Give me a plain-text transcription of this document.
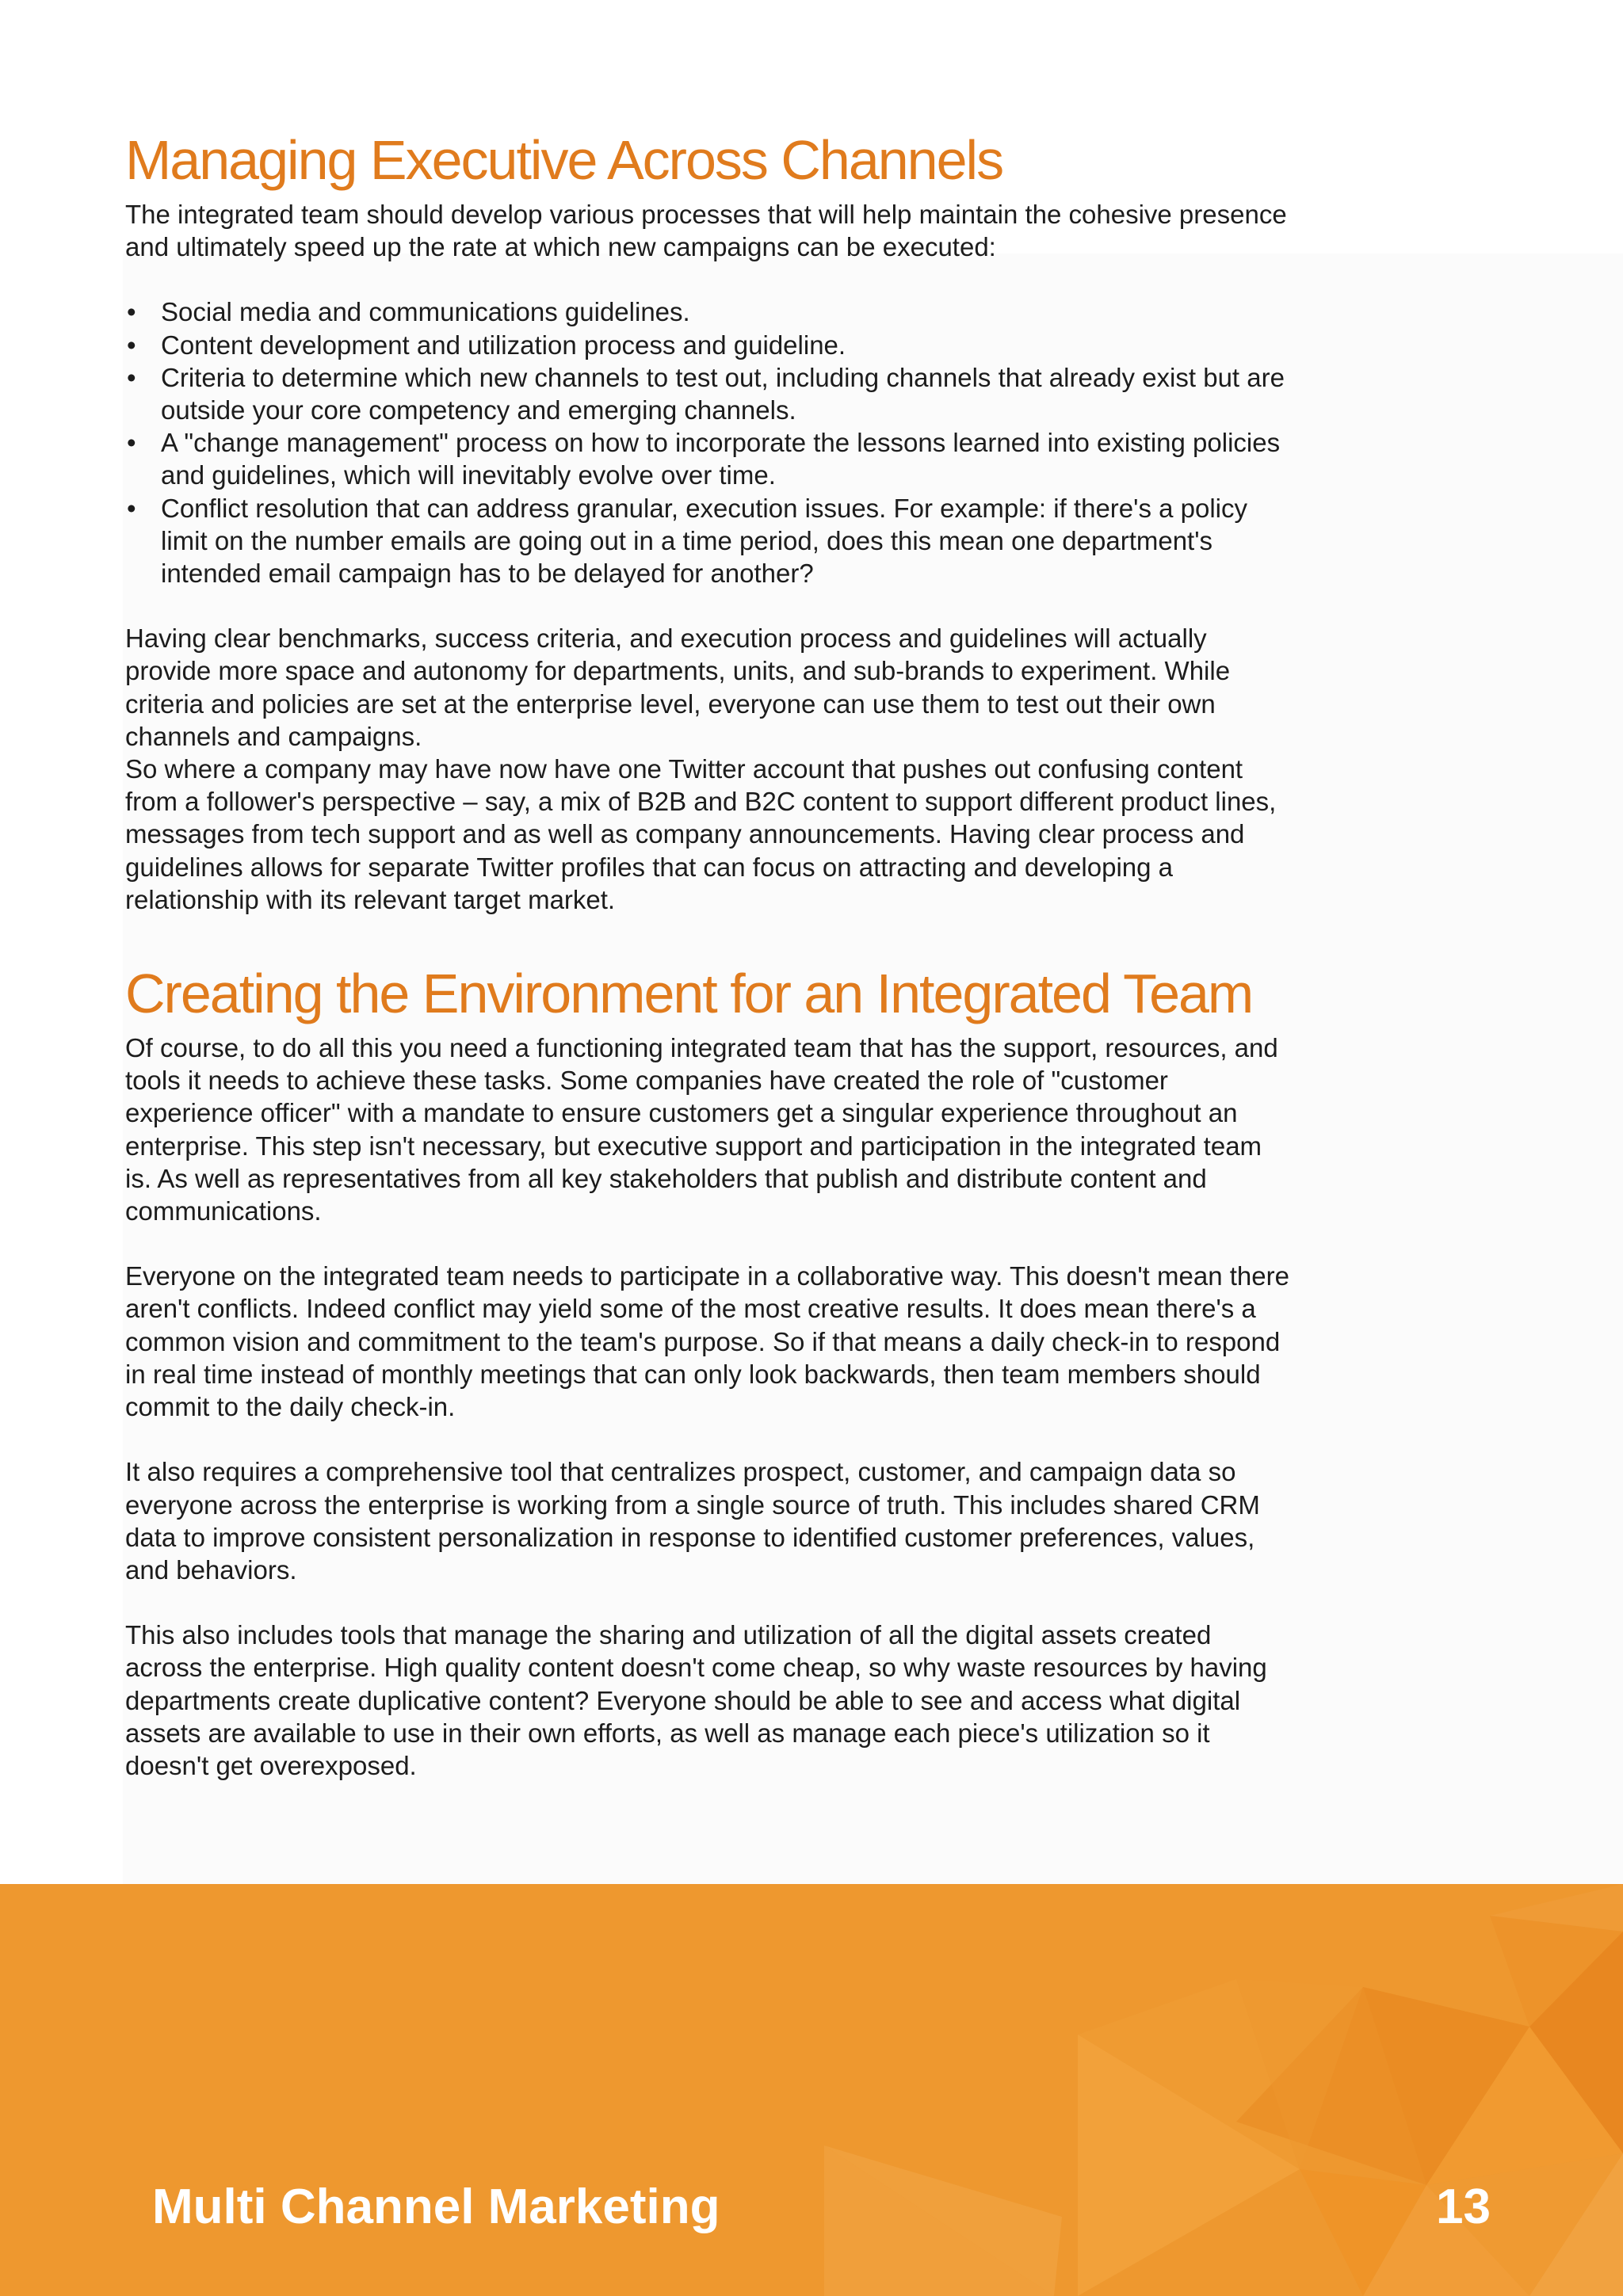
Managing Executive Across Channels

The integrated team should develop various processes that will help maintain the cohesive presence and ultimately speed up the rate at which new campaigns can be executed:

• Social media and communications guidelines.
• Content development and utilization process and guideline.
• Criteria to determine which new channels to test out, including channels that already exist but are outside your core competency and emerging channels.
• A "change management" process on how to incorporate the lessons learned into existing policies and guidelines, which will inevitably evolve over time.
• Conflict resolution that can address granular, execution issues. For example: if there's a policy limit on the number emails are going out in a time period, does this mean one department's intended email campaign has to be delayed for another?

Having clear benchmarks, success criteria, and execution process and guidelines will actually provide more space and autonomy for departments, units, and sub-brands to experiment. While criteria and policies are set at the enterprise level, everyone can use them to test out their own channels and campaigns.

So where a company may have now have one Twitter account that pushes out confusing content from a follower's perspective – say, a mix of B2B and B2C content to support different product lines, messages from tech support and as well as company announcements. Having clear process and guidelines allows for separate Twitter profiles that can focus on attracting and developing a relationship with its relevant target market.

Creating the Environment for an Integrated Team

Of course, to do all this you need a functioning integrated team that has the support, resources, and tools it needs to achieve these tasks. Some companies have created the role of "customer experience officer" with a mandate to ensure customers get a singular experience throughout an enterprise. This step isn't necessary, but executive support and participation in the integrated team is. As well as representatives from all key stakeholders that publish and distribute content and communications.

Everyone on the integrated team needs to participate in a collaborative way. This doesn't mean there aren't conflicts. Indeed conflict may yield some of the most creative results. It does mean there's a common vision and commitment to the team's purpose. So if that means a daily check-in to respond in real time instead of monthly meetings that can only look backwards, then team members should commit to the daily check-in.

It also requires a comprehensive tool that centralizes prospect, customer, and campaign data so everyone across the enterprise is working from a single source of truth. This includes shared CRM data to improve consistent personalization in response to identified customer preferences, values, and behaviors.

This also includes tools that manage the sharing and utilization of all the digital assets created across the enterprise. High quality content doesn't come cheap, so why waste resources by having departments create duplicative content? Everyone should be able to see and access what digital assets are available to use in their own efforts, as well as manage each piece's utilization so it doesn't get overexposed.

Multi Channel Marketing	13
